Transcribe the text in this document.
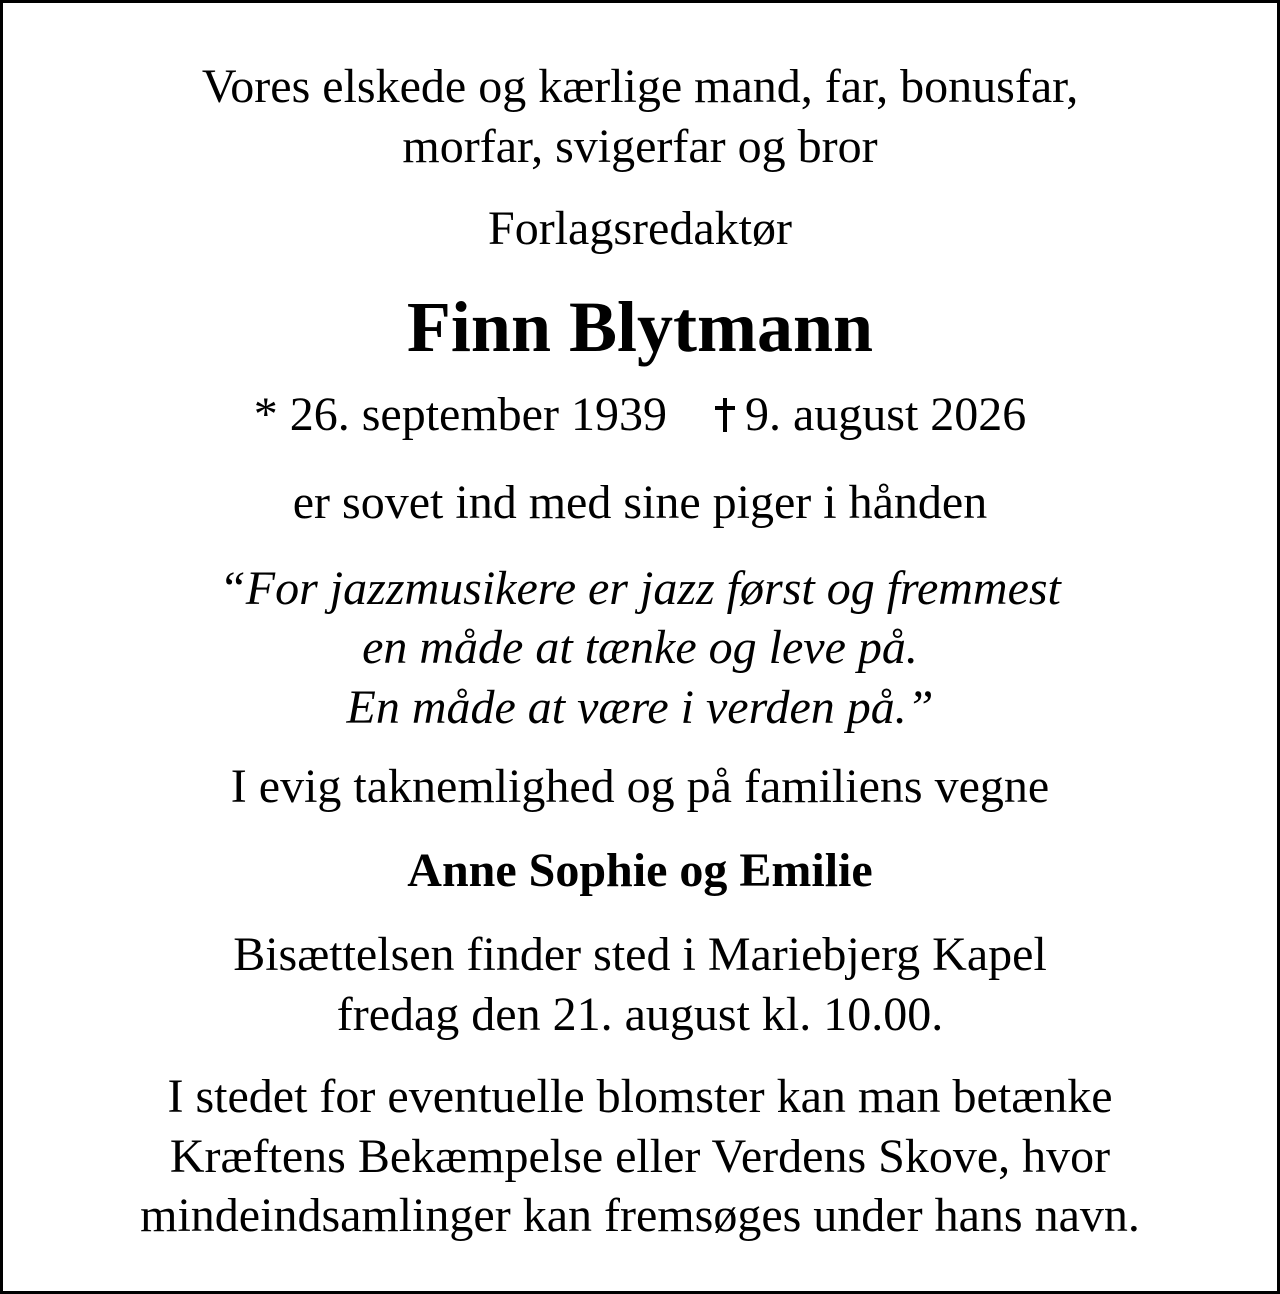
Vores elskede og kærlige mand, far, bonusfar,

morfar, svigerfar og bror

Forlagsredaktør

Finn Blytmann

* 26. september 1939 9. august 2026

er sovet ind med sine piger i hånden

“For jazzmusikere er jazz først og fremmest

en måde at tænke og leve på.

En måde at være i verden på.”

I evig taknemlighed og på familiens vegne

Anne Sophie og Emilie

Bisættelsen finder sted i Mariebjerg Kapel

fredag den 21. august kl. 10.00.

I stedet for eventuelle blomster kan man betænke

Kræftens Bekæmpelse eller Verdens Skove, hvor

mindeindsamlinger kan fremsøges under hans navn.
